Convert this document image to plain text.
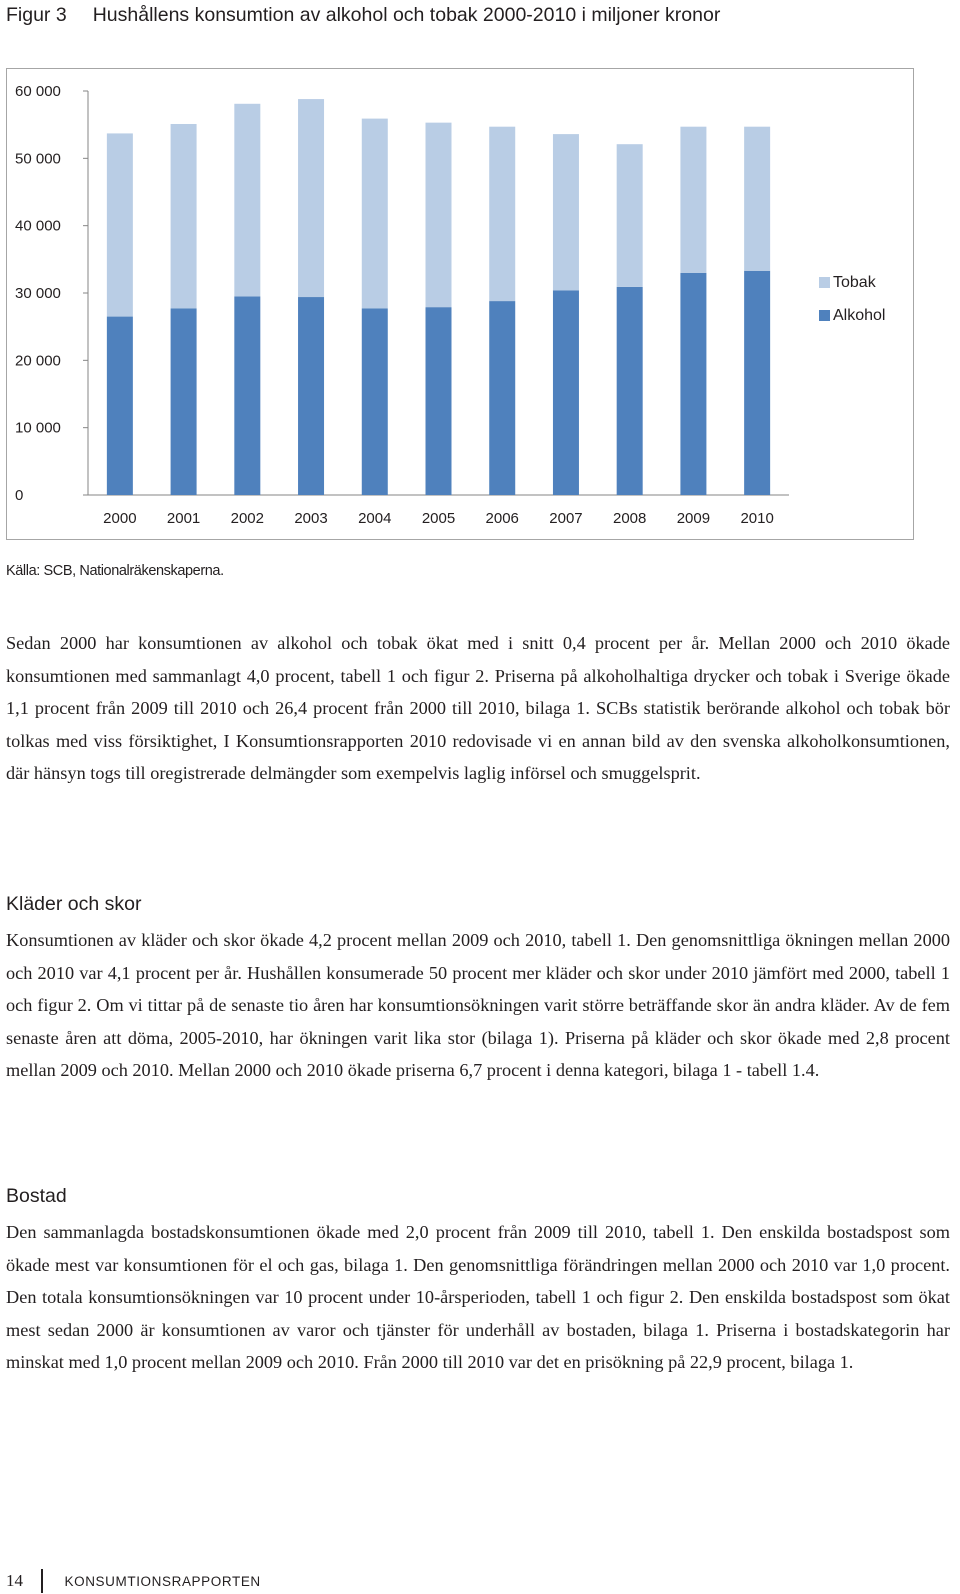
Figur 3 Hushållens konsumtion av alkohol och tobak 2000-2010 i miljoner kronor
60 000
50 000
40 000
30 000
20 000
10 000
0
2000 2001 2002 2003 2004 2005 2006 2007 2008 2009 2010
Tobak
Alkohol
Källa: SCB, Nationalräkenskaperna.

Sedan 2000 har konsumtionen av alkohol och tobak ökat med i snitt 0,4 procent per år. Mellan 2000 och 2010 ökade konsumtionen med sammanlagt 4,0 procent, tabell 1 och figur 2. Priserna på alkoholhaltiga drycker och tobak i Sverige ökade 1,1 procent från 2009 till 2010 och 26,4 procent från 2000 till 2010, bilaga 1. SCBs statistik berörande alkohol och tobak bör tolkas med viss försiktighet, I Konsumtionsrapporten 2010 redovisade vi en annan bild av den svenska alkoholkonsumtionen, där hänsyn togs till oregistrerade delmängder som exempelvis laglig införsel och smuggelsprit.

Kläder och skor

Konsumtionen av kläder och skor ökade 4,2 procent mellan 2009 och 2010, tabell 1. Den genomsnittliga ökningen mellan 2000 och 2010 var 4,1 procent per år. Hushållen konsumerade 50 procent mer kläder och skor under 2010 jämfört med 2000, tabell 1 och figur 2. Om vi tittar på de senaste tio åren har konsumtionsökningen varit större beträffande skor än andra kläder. Av de fem senaste åren att döma, 2005-2010, har ökningen varit lika stor (bilaga 1). Priserna på kläder och skor ökade med 2,8 procent mellan 2009 och 2010. Mellan 2000 och 2010 ökade priserna 6,7 procent i denna kategori, bilaga 1 - tabell 1.4.

Bostad

Den sammanlagda bostadskonsumtionen ökade med 2,0 procent från 2009 till 2010, tabell 1. Den enskilda bostadspost som ökade mest var konsumtionen för el och gas, bilaga 1. Den genomsnittliga förändringen mellan 2000 och 2010 var 1,0 procent. Den totala konsumtionsökningen var 10 procent under 10-årsperioden, tabell 1 och figur 2. Den enskilda bostadspost som ökat mest sedan 2000 är konsumtionen av varor och tjänster för underhåll av bostaden, bilaga 1. Priserna i bostadskategorin har minskat med 1,0 procent mellan 2009 och 2010. Från 2000 till 2010 var det en prisökning på 22,9 procent, bilaga 1.

14	KONSUMTIONSRAPPORTEN
